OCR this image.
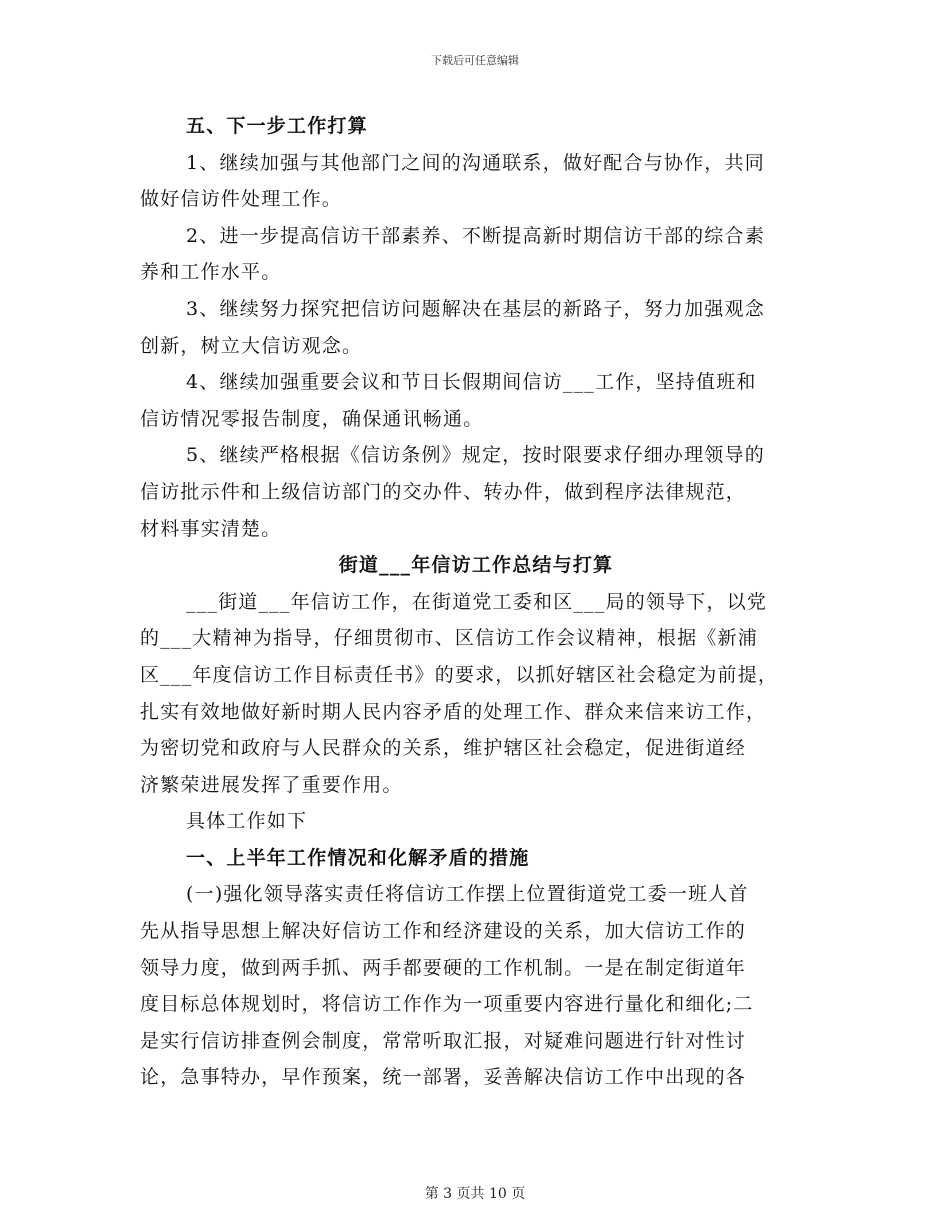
下载后可任意编辑
五、下一步工作打算
1、继续加强与其他部门之间的沟通联系，做好配合与协作，共同
做好信访件处理工作。
2、进一步提高信访干部素养、不断提高新时期信访干部的综合素
养和工作水平。
3、继续努力探究把信访问题解决在基层的新路子，努力加强观念
创新，树立大信访观念。
4、继续加强重要会议和节日长假期间信访___工作，坚持值班和
信访情况零报告制度，确保通讯畅通。
5、继续严格根据《信访条例》规定，按时限要求仔细办理领导的
信访批示件和上级信访部门的交办件、转办件，做到程序法律规范，
材料事实清楚。
街道___年信访工作总结与打算
___街道___年信访工作，在街道党工委和区___局的领导下，以党
的___大精神为指导，仔细贯彻市、区信访工作会议精神，根据《新浦
区___年度信访工作目标责任书》的要求，以抓好辖区社会稳定为前提，
扎实有效地做好新时期人民内容矛盾的处理工作、群众来信来访工作，
为密切党和政府与人民群众的关系，维护辖区社会稳定，促进街道经
济繁荣进展发挥了重要作用。
具体工作如下
一、上半年工作情况和化解矛盾的措施
(一)强化领导落实责任将信访工作摆上位置街道党工委一班人首
先从指导思想上解决好信访工作和经济建设的关系，加大信访工作的
领导力度，做到两手抓、两手都要硬的工作机制。一是在制定街道年
度目标总体规划时，将信访工作作为一项重要内容进行量化和细化;二
是实行信访排查例会制度，常常听取汇报，对疑难问题进行针对性讨
论，急事特办，早作预案，统一部署，妥善解决信访工作中出现的各
第 3 页共 10 页
